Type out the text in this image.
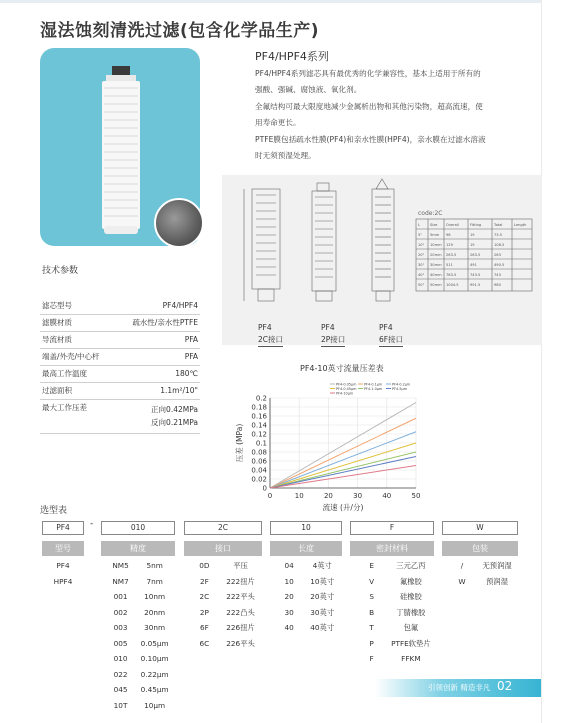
湿法蚀刻清洗过滤(包含化学品生产)
PF4/HPF4系列
PF4/HPF4系列滤芯具有最优秀的化学兼容性，基本上适用于所有的
强酸、强碱、腐蚀液、氧化剂。
全氟结构可最大限度地减少金属析出物和其他污染物，超高流速，使
用寿命更长。
PTFE膜包括疏水性膜(PF4)和亲水性膜(HPF4)，亲水膜在过滤水溶液
时无须预湿处理。
code:2C
L	Size Overall	Fitting	Total	Length
5" 5mm 96	19	73.5
10" 10mm 129	19	108.5
20" 20mm 263.5	263.5	263
30" 30mm 511	491	490.5
40" 40mm 763.5	743.5	743
50" 50mm 1004.5	991.5	980
PF4
2C接口
PF4
2P接口
PF4
6F接口
技术参数
滤芯型号	PF4/HPF4
滤膜材质	疏水性/亲水性PTFE
导流材质	PFA
端盖/外壳/中心杆	PFA
最高工作温度	180℃
过滤面积	1.1m²/10"
最大工作压差	正向0.42MPa
反向0.21MPa
PF4-10英寸流量压差表
0
0.02
0.04
0.06
0.08
0.1
0.12
0.14
0.16
0.18
0.2
0	10	20	30	40	50
PF4-0.05μm PF4-0.1μm	PF4-0.2μm
PF4-0.45μm PF4-1.0μm	PF4-5μm
PF4-10μm
流速 (升/分)
压差 (MPa)
选型表
PF4	-	010	2C	10	F	W
型号	精度	接口	长度	密封材料	包装
PF4
HPF4
NM5	5nm
NM7	7nm
001	10nm
002	20nm
003	30nm
005	0.05μm
010	0.10μm
022	0.22μm
045	0.45μm
10T	10μm
0D	平压
2F	222扭片
2C	222平头
2P	222凸头
6F	226扭片
6C	226平头
04	4英寸
10	10英寸
20	20英寸
30	30英寸
40	40英寸
E	三元乙丙
V	氟橡胶
S	硅橡胶
B	丁腈橡胶
T	包氟
P	PTFE软垫片
F	FFKM
/	无预润湿
W	预润湿
引领创新 精造非凡 02
